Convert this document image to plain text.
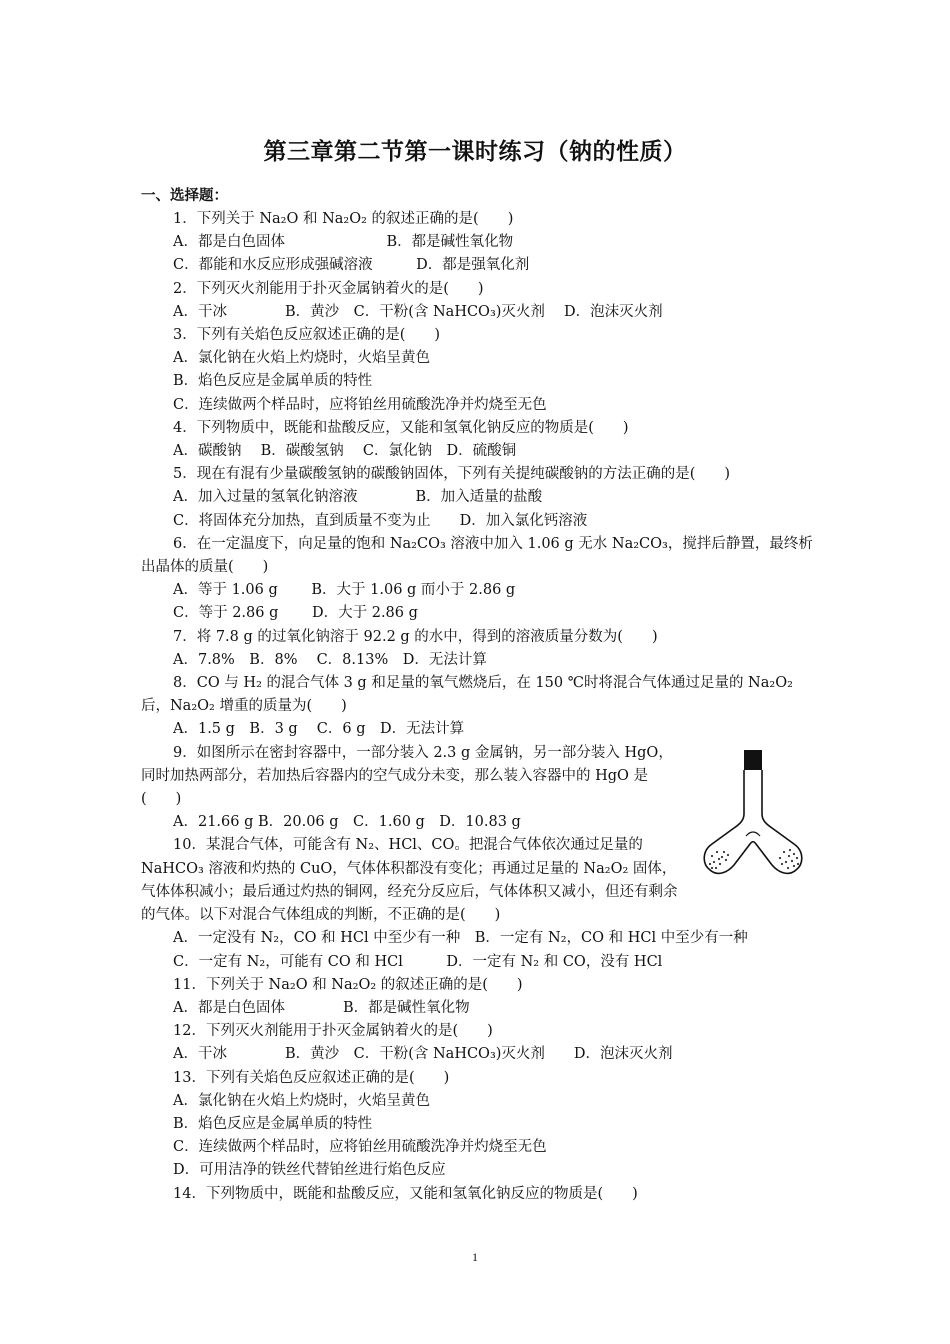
第三章第二节第一课时练习（钠的性质）
一、选择题：

1．下列关于 Na₂O 和 Na₂O₂ 的叙述正确的是(　　)

A．都是白色固体　　　　　　　B．都是碱性氧化物

C．都能和水反应形成强碱溶液　　　D．都是强氧化剂

2．下列灭火剂能用于扑灭金属钠着火的是(　　)

A．干冰　　　　B．黄沙　C．干粉(含 NaHCO₃)灭火剂　 D．泡沫灭火剂

3．下列有关焰色反应叙述正确的是(　　)

A．氯化钠在火焰上灼烧时，火焰呈黄色

B．焰色反应是金属单质的特性

C．连续做两个样品时，应将铂丝用硫酸洗净并灼烧至无色

4．下列物质中，既能和盐酸反应，又能和氢氧化钠反应的物质是(　　)

A．碳酸钠　 B．碳酸氢钠　 C．氯化钠　D．硫酸铜

5．现在有混有少量碳酸氢钠的碳酸钠固体，下列有关提纯碳酸钠的方法正确的是(　　)

A．加入过量的氢氧化钠溶液　　　　B．加入适量的盐酸

C．将固体充分加热，直到质量不变为止　　D．加入氯化钙溶液

6．在一定温度下，向足量的饱和 Na₂CO₃ 溶液中加入 1.06 g 无水 Na₂CO₃，搅拌后静置，最终析出晶体的质量(　　)

A．等于 1.06 g　　 B．大于 1.06 g 而小于 2.86 g

C．等于 2.86 g　　 D．大于 2.86 g

7．将 7.8 g 的过氧化钠溶于 92.2 g 的水中，得到的溶液质量分数为(　　)

A．7.8%　B．8%　 C．8.13%　D．无法计算

8．CO 与 H₂ 的混合气体 3 g 和足量的氧气燃烧后，在 150 ℃时将混合气体通过足量的 Na₂O₂ 后，Na₂O₂ 增重的质量为(　　)

A．1.5 g　B．3 g　 C．6 g　D．无法计算

9．如图所示在密封容器中，一部分装入 2.3 g 金属钠，另一部分装入 HgO，同时加热两部分，若加热后容器内的空气成分未变，那么装入容器中的 HgO 是(　　)

A．21.66 g B．20.06 g　C．1.60 g　D．10.83 g

10．某混合气体，可能含有 N₂、HCl、CO。把混合气体依次通过足量的 NaHCO₃ 溶液和灼热的 CuO，气体体积都没有变化；再通过足量的 Na₂O₂ 固体，气体体积减小；最后通过灼热的铜网，经充分反应后，气体体积又减小，但还有剩余的气体。以下对混合气体组成的判断，不正确的是(　　)

A．一定没有 N₂，CO 和 HCl 中至少有一种　B．一定有 N₂，CO 和 HCl 中至少有一种

C．一定有 N₂，可能有 CO 和 HCl　　　D．一定有 N₂ 和 CO，没有 HCl

11．下列关于 Na₂O 和 Na₂O₂ 的叙述正确的是(　　)

A．都是白色固体　　　　B．都是碱性氧化物

12．下列灭火剂能用于扑灭金属钠着火的是(　　)

A．干冰　　　　B．黄沙　C．干粉(含 NaHCO₃)灭火剂　　D．泡沫灭火剂

13．下列有关焰色反应叙述正确的是(　　)

A．氯化钠在火焰上灼烧时，火焰呈黄色

B．焰色反应是金属单质的特性

C．连续做两个样品时，应将铂丝用硫酸洗净并灼烧至无色

D．可用洁净的铁丝代替铂丝进行焰色反应

14．下列物质中，既能和盐酸反应，又能和氢氧化钠反应的物质是(　　)

1
